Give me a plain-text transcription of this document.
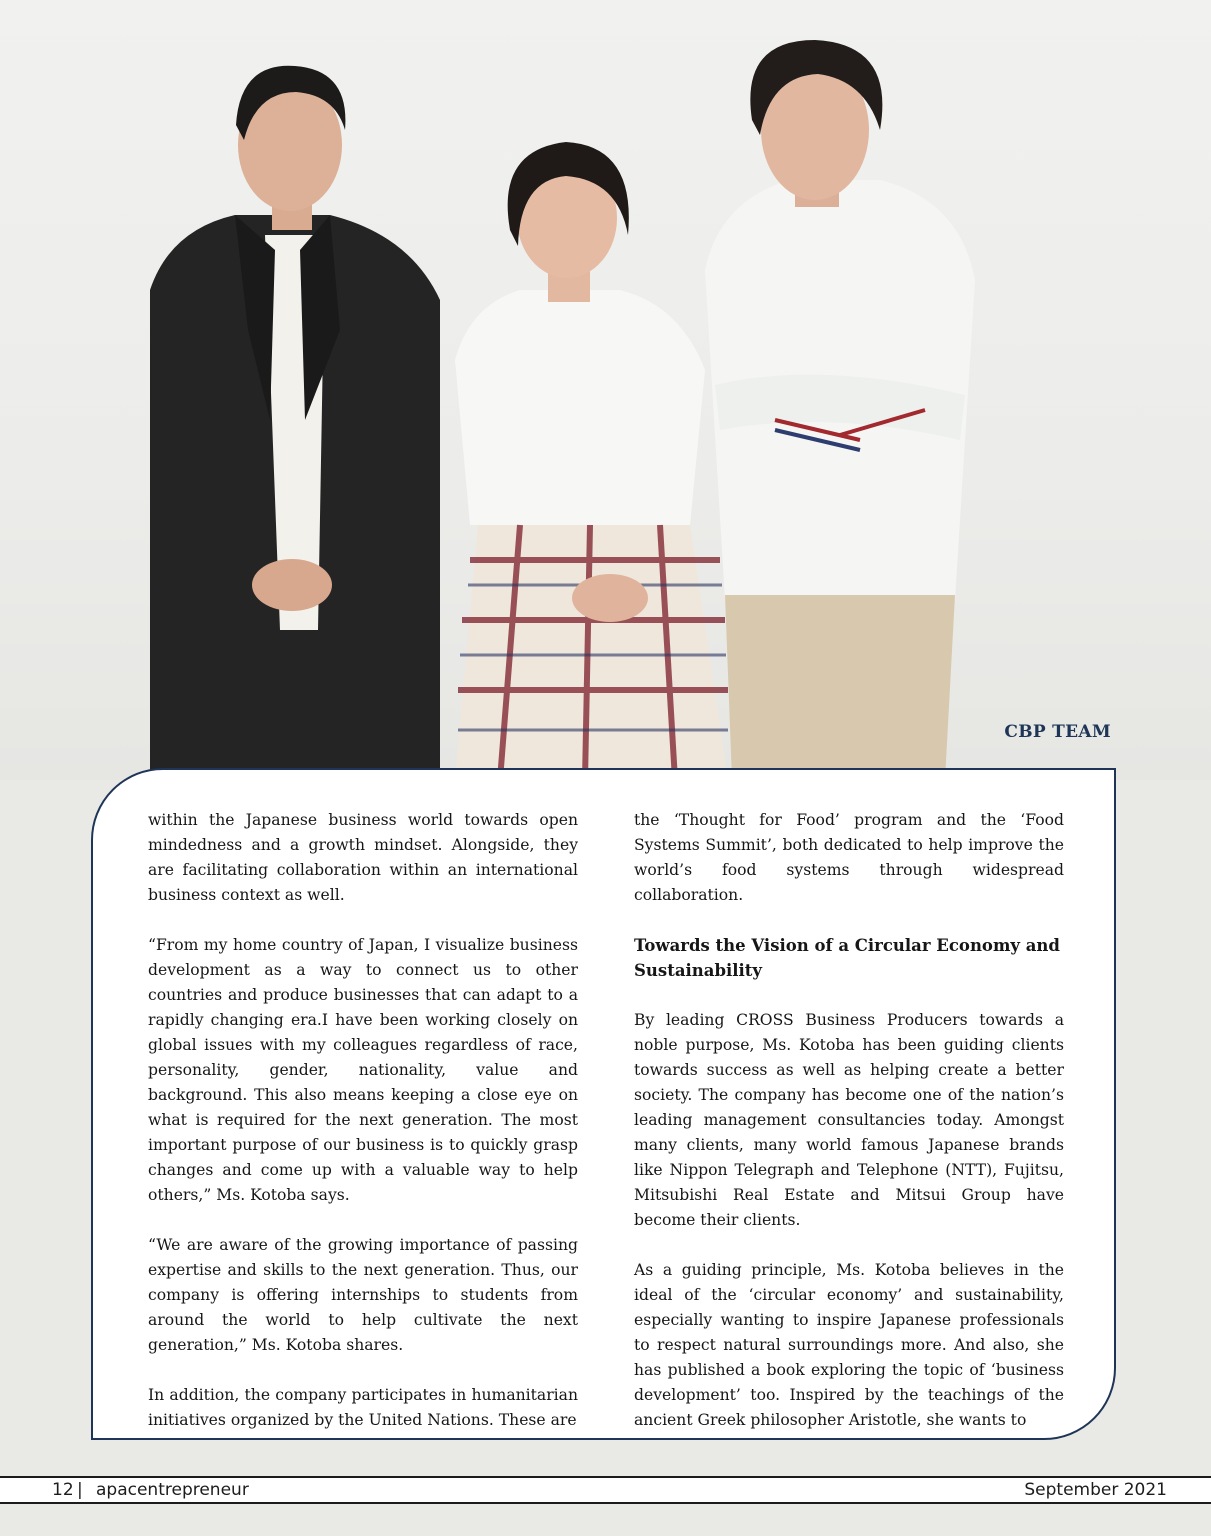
CBP TEAM

within the Japanese business world towards open mindedness and a growth mindset. Alongside, they are facilitating collaboration within an international business context as well.

“From my home country of Japan, I visualize business development as a way to connect us to other countries and produce businesses that can adapt to a rapidly changing era.I have been working closely on global issues with my colleagues regardless of race, personality, gender, nationality, value and background. This also means keeping a close eye on what is required for the next generation. The most important purpose of our business is to quickly grasp changes and come up with a valuable way to help others,” Ms. Kotoba says.

“We are aware of the growing importance of passing expertise and skills to the next generation. Thus, our company is offering internships to students from around the world to help cultivate the next generation,” Ms. Kotoba shares.

In addition, the company participates in humanitarian initiatives organized by the United Nations. These are

the ‘Thought for Food’ program and the ‘Food Systems Summit’, both dedicated to help improve the world’s food systems through widespread collaboration.

Towards the Vision of a Circular Economy and Sustainability

By leading CROSS Business Producers towards a noble purpose, Ms. Kotoba has been guiding clients towards success as well as helping create a better society. The company has become one of the nation’s leading management consultancies today. Amongst many clients, many world famous Japanese brands like Nippon Telegraph and Telephone (NTT), Fujitsu, Mitsubishi Real Estate and Mitsui Group have become their clients.

As a guiding principle, Ms. Kotoba believes in the ideal of the ‘circular economy’ and sustainability, especially wanting to inspire Japanese professionals to respect natural surroundings more. And also, she has published a book exploring the topic of ‘business development’ too. Inspired by the teachings of the ancient Greek philosopher Aristotle, she wants to

12 | apacentrepreneur	September 2021
